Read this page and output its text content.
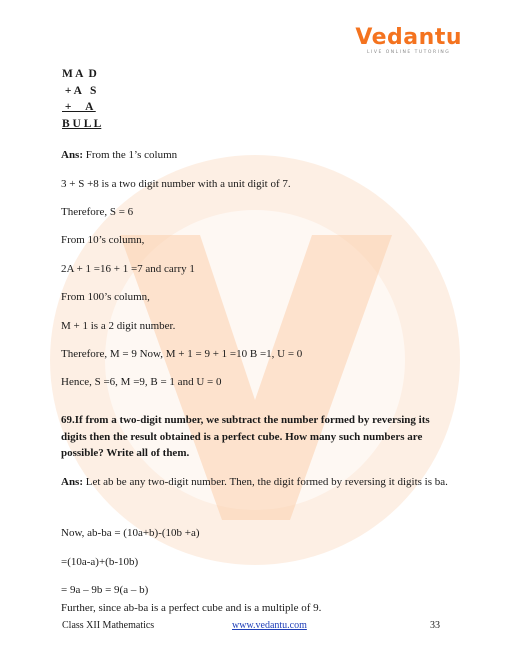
Vedantu
LIVE ONLINE TUTORING
M A  D
+ A   S
+     A
B U L L
Ans: From the 1’s column
3 + S +8 is a two digit number with a unit digit of 7.
Therefore, S = 6
From 10’s column,
2A + 1 =16 + 1 =7 and carry 1
From 100’s column,
M + 1 is a 2 digit number.
Therefore, M = 9 Now, M + 1 = 9 + 1 =10 B =1, U = 0
Hence, S =6, M =9, B = 1 and U = 0
69.If from a two-digit number, we subtract the number formed by reversing its digits then the result obtained is a perfect cube. How many such numbers are possible? Write all of them.
Ans: Let ab be any two-digit number. Then, the digit formed by reversing it digits is ba.
Now, ab-ba = (10a+b)-(10b +a)
=(10a-a)+(b-10b)
= 9a – 9b = 9(a – b)
Further, since ab-ba is a perfect cube and is a multiple of 9.
Class XII Mathematics	www.vedantu.com	33
